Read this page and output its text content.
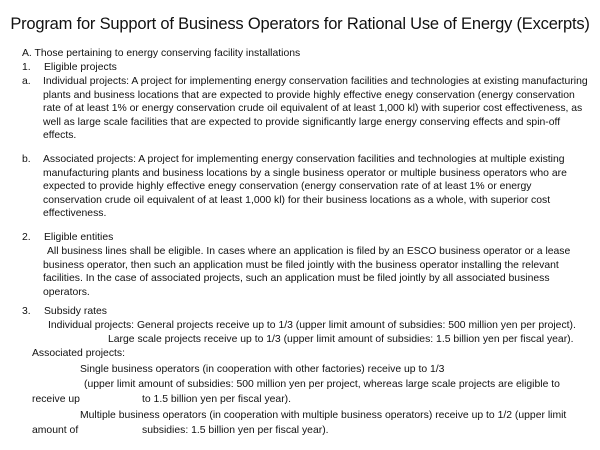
Program for Support of Business Operators for Rational Use of Energy (Excerpts)
A. Those pertaining to energy conserving facility installations
1. Eligible projects
a. Individual projects: A project for implementing energy conservation facilities and technologies at existing manufacturing plants and business locations that are expected to provide highly effective enegy conservation (energy conservation rate of at least 1% or energy conservation crude oil equivalent of at least 1,000 kl) with superior cost effectiveness, as well as large scale facilities that are expected to provide significantly large energy conserving effects and spin-off effects.
b. Associated projects: A project for implementing energy conservation facilities and technologies at multiple existing manufacturing plants and business locations by a single business operator or multiple business operators who are expected to provide highly effective enegy conservation (energy conservation rate of at least 1% or energy conservation crude oil equivalent of at least 1,000 kl) for their business locations as a whole, with superior cost effectiveness.
2. Eligible entities
All business lines shall be eligible. In cases where an application is filed by an ESCO business operator or a lease business operator, then such an application must be filed jointly with the business operator installing the relevant facilities. In the case of associated projects, such an application must be filed jointly by all associated business operators.
3. Subsidy rates
Individual projects: General projects receive up to 1/3 (upper limit amount of subsidies: 500 million yen per project).
Large scale projects receive up to 1/3 (upper limit amount of subsidies: 1.5 billion yen per fiscal year).
Associated projects:
Single business operators (in cooperation with other factories) receive up to 1/3
(upper limit amount of subsidies: 500 million yen per project, whereas large scale projects are eligible to
receive up	to 1.5 billion yen per fiscal year).
Multiple business operators (in cooperation with multiple business operators) receive up to 1/2 (upper limit
amount of	subsidies: 1.5 billion yen per fiscal year).
